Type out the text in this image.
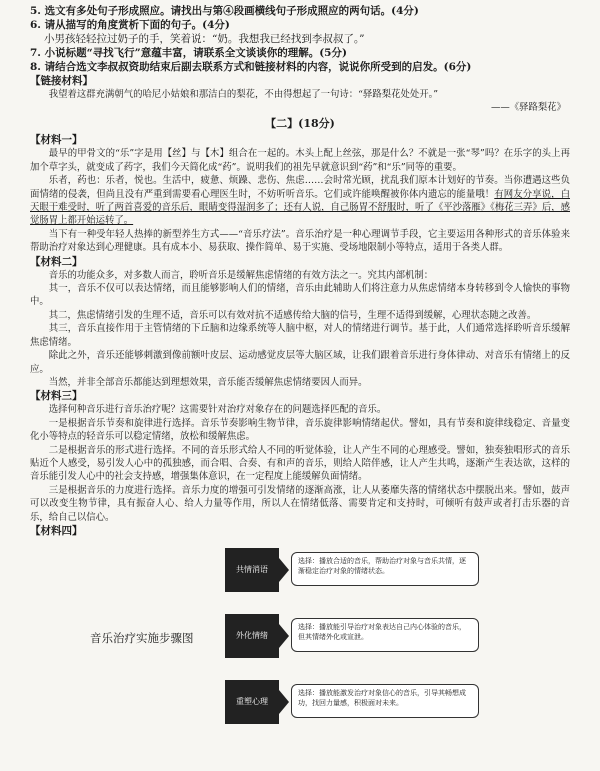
5. 选文有多处句子形成照应。请找出与第④段画横线句子形成照应的两句话。(4分)

6. 请从描写的角度赏析下面的句子。(4分)

小男孩轻轻拉过奶子的手，笑着说：“奶。我想我已经找到李叔叔了。”

7. 小说标题“寻找飞行”意蕴丰富，请联系全文谈谈你的理解。(5分)

8. 请结合选文李叔叔资助结束后副去联系方式和链接材料的内容，说说你所受到的启发。(6分)

【链接材料】

我望着这群充满朝气的哈尼小姑娘和那洁白的梨花，不由得想起了一句诗：“驿路梨花处处开。”

——《驿路梨花》

【二】(18分)

【材料一】

最早的甲骨文的“乐”字是用【丝】与【木】组合在一起的。木头上配上丝弦，那是什么？不就是一张“琴”吗？在乐字的头上再加个草字头，就变成了药字，我们今天简化成“药”。说明我们的祖先早就意识到“药”和“乐”同等的重要。

乐者，药也：乐者，悦也。生活中，疲惫、烦躁、悲伤、焦虑……会时常光顾，扰乱我们原本计划好的节奏。当你遭遇这些负面情绪的侵袭，但尚且没有严重到需要看心理医生时，不妨听听音乐。它们或许能唤醒被你体内遗忘的能量哦！有网友分享说，白天眼干难受时，听了两首喜爱的音乐后，眼睛变得湿润多了；还有人说，自己肠胃不舒服时，听了《平沙落雁》《梅花三弄》后，感觉肠胃上都开始运转了。

当下有一种受年轻人热捧的新型养生方式——“音乐疗法”。音乐治疗是一种心理调节手段，它主要运用各种形式的音乐体验来帮助治疗对象达到心理健康。具有成本小、易获取、操作简单、易于实施、受场地限制小等特点，适用于各类人群。

【材料二】

音乐的功能众多，对多数人而言，聆听音乐是缓解焦虑情绪的有效方法之一。究其内部机制：

其一，音乐不仅可以表达情绪，而且能够影响人们的情绪，音乐由此辅助人们将注意力从焦虑情绪本身转移到令人愉快的事物中。

其二，焦虑情绪引发的生理不适，音乐可以有效对抗不适感传给大脑的信号，生理不适得到缓解，心理状态随之改善。

其三，音乐直接作用于主管情绪的下丘脑和边缘系统等人脑中枢，对人的情绪进行调节。基于此，人们通常选择聆听音乐缓解焦虑情绪。

除此之外，音乐还能够刺激到像前额叶皮层、运动感觉皮层等大脑区域，让我们跟着音乐进行身体律动、对音乐有情绪上的反应。

当然，并非全部音乐都能达到理想效果，音乐能否缓解焦虑情绪要因人而异。

【材料三】

选择何种音乐进行音乐治疗呢？这需要针对治疗对象存在的问题选择匹配的音乐。

一是根据音乐节奏和旋律进行选择。音乐节奏影响生物节律，音乐旋律影响情绪起伏。譬如，具有节奏和旋律线稳定、音量变化小等特点的轻音乐可以稳定情绪，放松和缓解焦虑。

二是根据音乐的形式进行选择。不同的音乐形式给人不同的听觉体验，让人产生不同的心理感受。譬如，独奏独唱形式的音乐贴近个人感受，易引发人心中的孤独感，而合唱、合奏、有和声的音乐，则给人陪伴感，让人产生共鸣，逐渐产生表达欲，这样的音乐能引发人心中的社会支持感，增强集体意识，在一定程度上能缓解负面情绪。

三是根据音乐的力度进行选择。音乐力度的增强可引发情绪的逐渐高涨，让人从萎靡失落的情绪状态中摆脱出来。譬如，鼓声可以改变生物节律，具有振奋人心、给人力量等作用，所以人在情绪低落、需要肯定和支持时，可倾听有鼓声或者打击乐器的音乐，给自己以信心。

【材料四】

音乐治疗实施步骤图
共情消语
选择：播放合适的音乐，帮助治疗对象与音乐共情，逐渐稳定治疗对象的情绪状态。
外化情绪
选择：播放能引导治疗对象表达自己内心体验的音乐，但其情绪外化或宣泄。
重塑心理
选择：播放能激发治疗对象信心的音乐，引导其畅想成功，找回力量感，积极面对未来。
